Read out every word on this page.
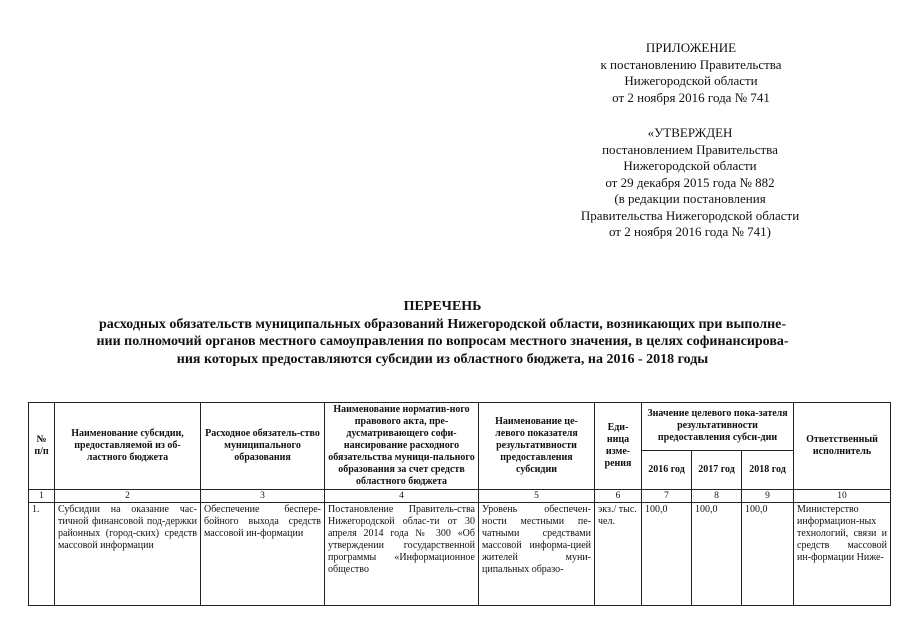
ПРИЛОЖЕНИЕ
к постановлению Правительства
Нижегородской области
от 2 ноября 2016 года № 741
«УТВЕРЖДЕН
постановлением Правительства
Нижегородской области
от 29 декабря 2015 года № 882
(в редакции постановления
Правительства Нижегородской области
от 2 ноября 2016 года № 741)
ПЕРЕЧЕНЬ
расходных обязательств муниципальных образований Нижегородской области, возникающих при выполне-
нии полномочий органов местного самоуправления по вопросам местного значения, в целях софинансирова-
ния которых предоставляются субсидии из областного бюджета, на 2016 - 2018 годы
№ п/п	Наименование субсидии, предоставляемой из об-ластного бюджета	Расходное обязатель-ство муниципального образования	Наименование норматив-ного правового акта, пре-дусматривающего софи-нансирование расходного обязательства муници-пального образования за счет средств областного бюджета	Наименование це-левого показателя результативности предоставления субсидии	Еди-ница изме-рения	Значение целевого пока-зателя результативности предоставления субси-дии			Ответственный исполнитель
						2016 год	2017 год	2018 год	
1	2	3	4	5	6	7	8	9	10
1.	Субсидии на оказание час-тичной финансовой под-держки районных (город-ских) средств массовой информации	Обеспечение беспере-бойного выхода средств массовой ин-формации	Постановление Правитель-ства Нижегородской облас-ти от 30 апреля 2014 года № 300 «Об утверждении государственной программы «Информационное общество	Уровень обеспечен-ности местными пе-чатными средствами массовой информа-цией жителей муни-ципальных образо-	экз./ тыс. чел.	100,0	100,0	100,0	Министерство информацион-ных технологий, связи и средств массовой ин-формации Ниже-
